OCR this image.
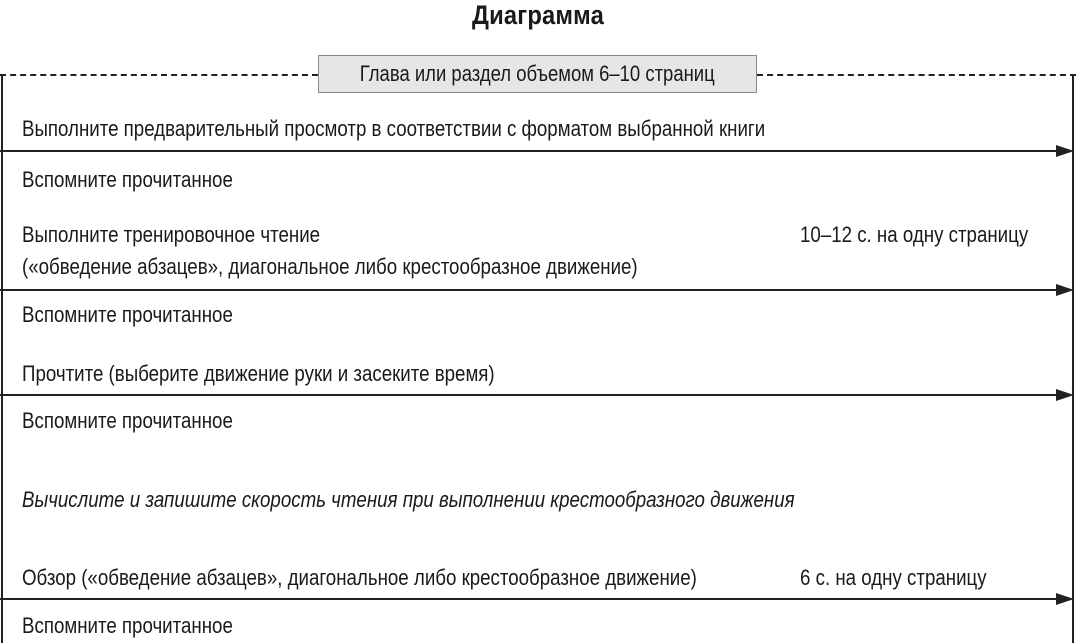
Диаграмма
Глава или раздел объемом 6–10 страниц
Выполните предварительный просмотр в соответствии с форматом выбранной книги
Вспомните прочитанное
Выполните тренировочное чтение
(«обведение абзацев», диагональное либо крестообразное движение)
10–12 с. на одну страницу
Вспомните прочитанное
Прочтите (выберите движение руки и засеките время)
Вспомните прочитанное
Вычислите и запишите скорость чтения при выполнении крестообразного движения
Обзор («обведение абзацев», диагональное либо крестообразное движение)	6 с. на одну страницу
Вспомните прочитанное
